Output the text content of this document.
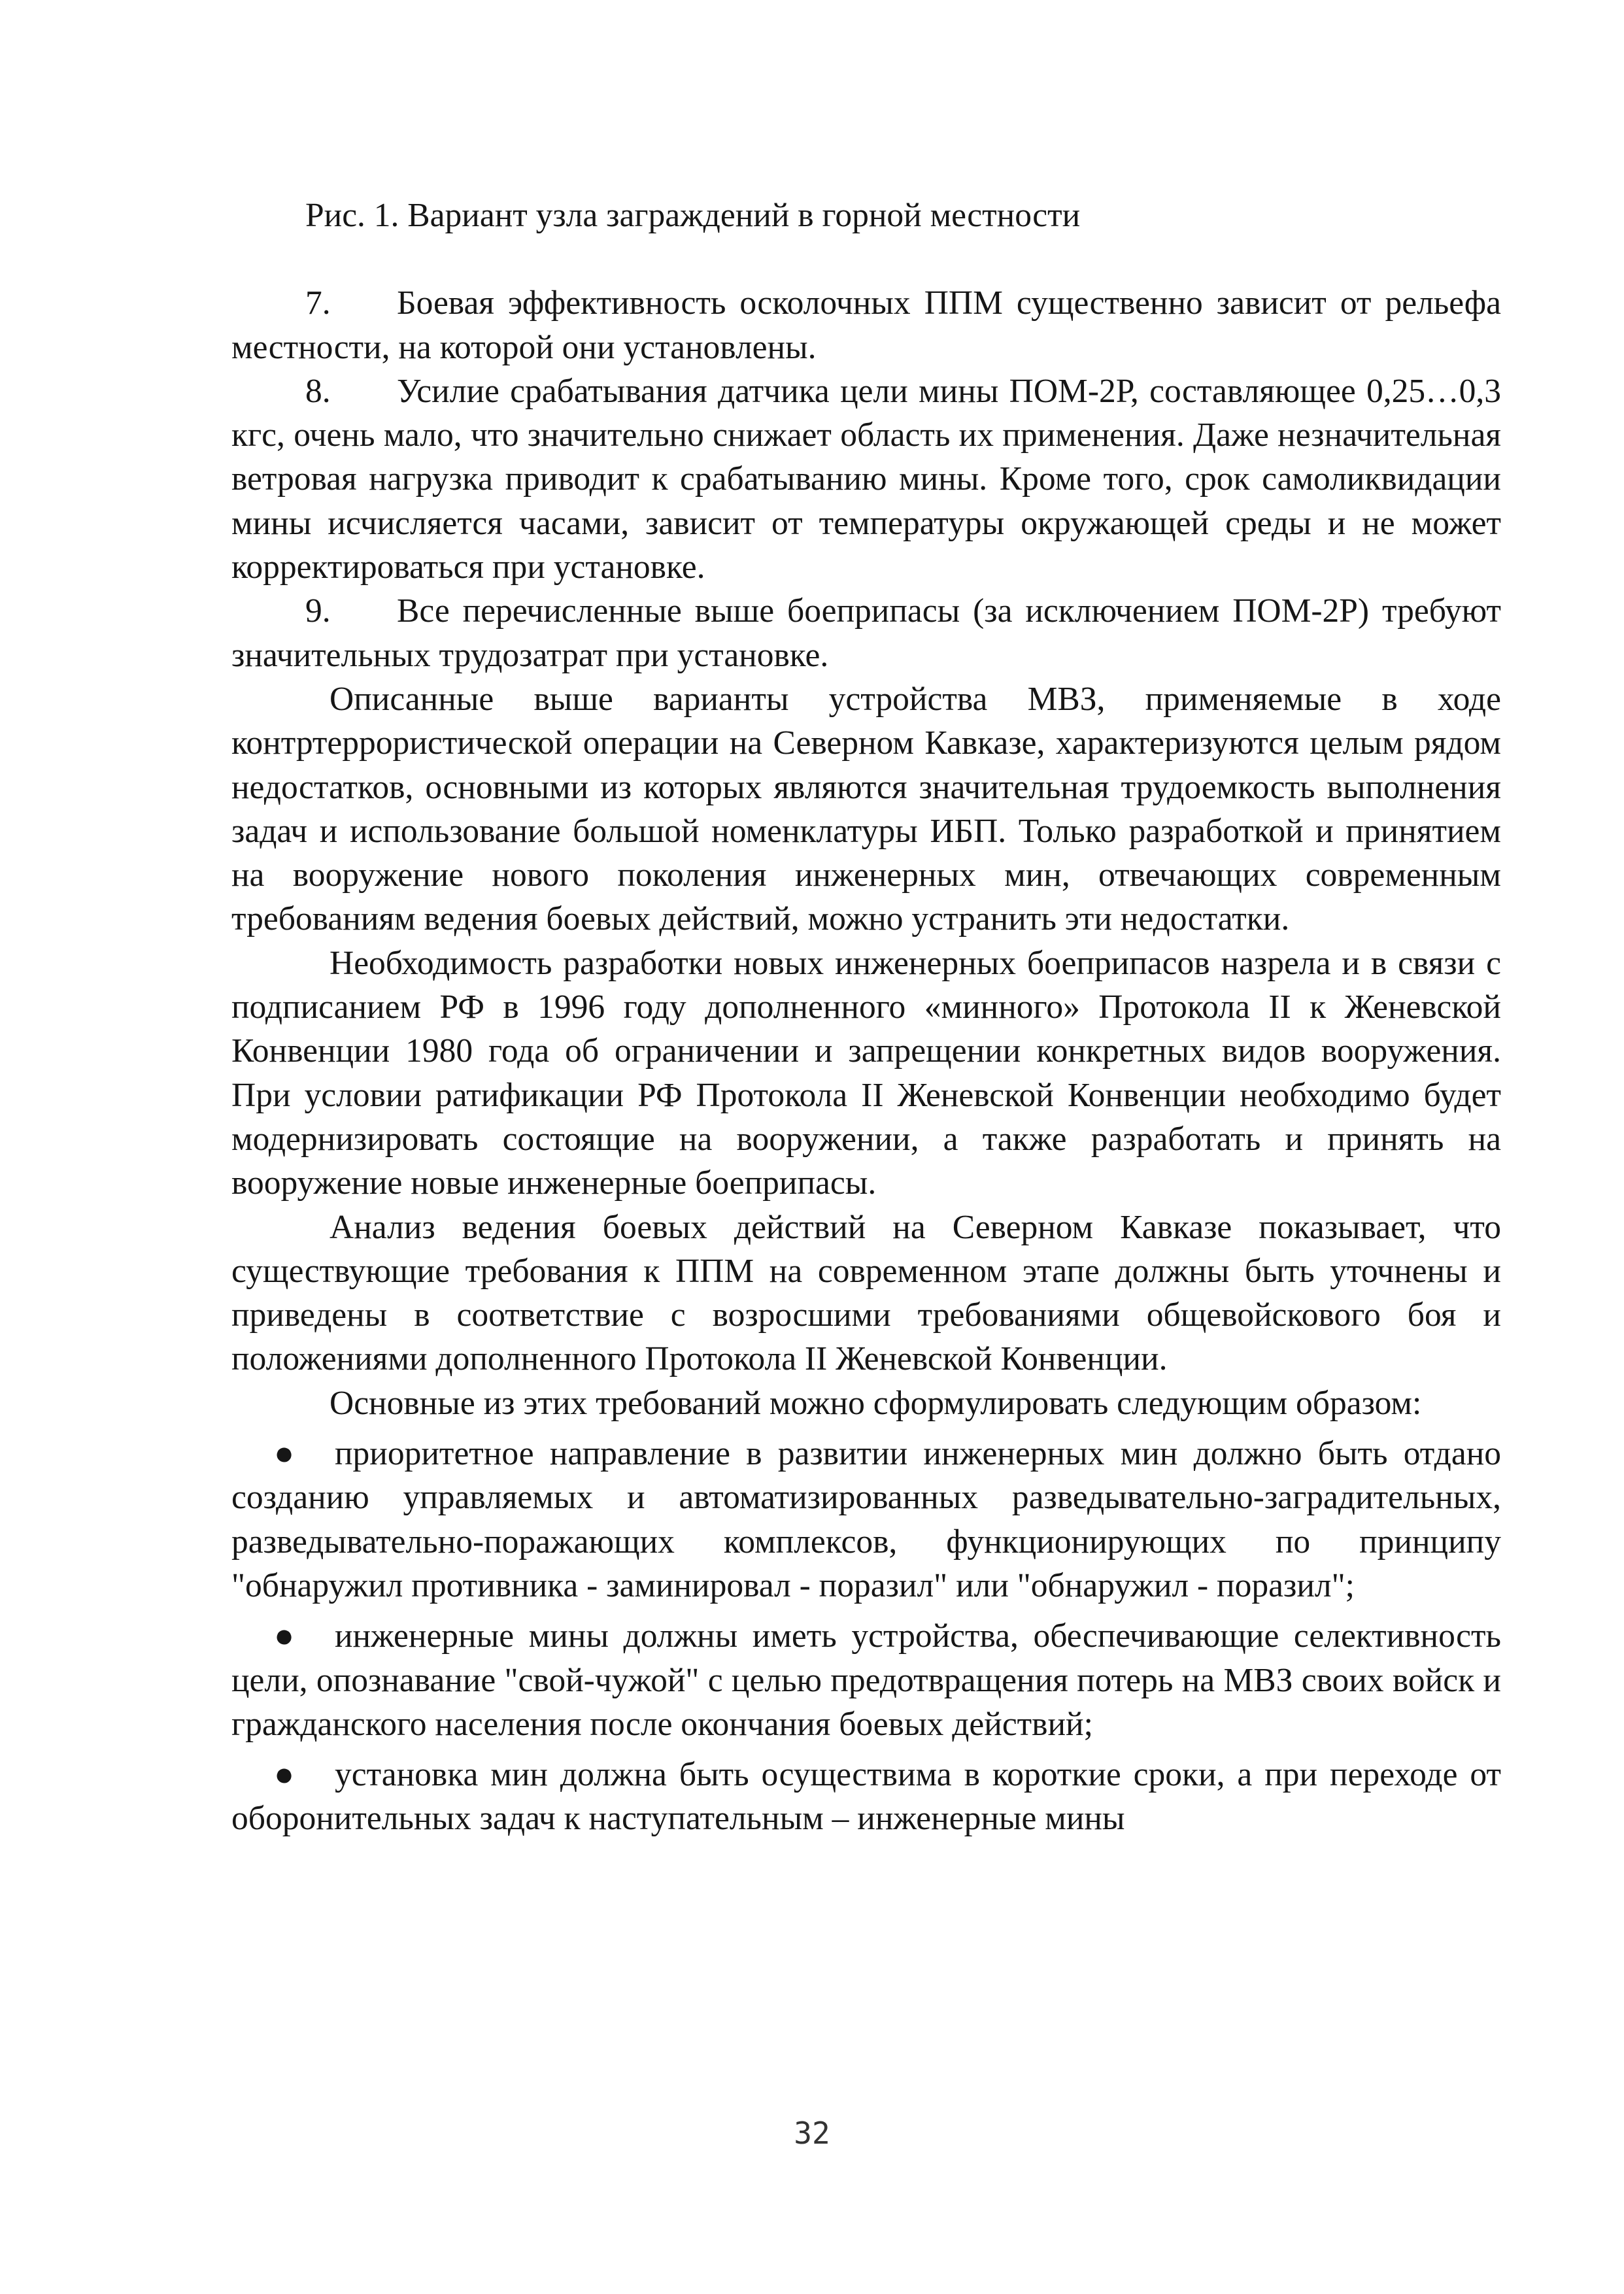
Рис. 1. Вариант узла заграждений в горной местности

7. Боевая эффективность осколочных ППМ существенно зависит от рельефа местности, на которой они установлены.

8. Усилие срабатывания датчика цели мины ПОМ-2Р, составляющее 0,25…0,3 кгс, очень мало, что значительно снижает область их применения. Даже незначительная ветровая нагрузка приводит к срабатыванию мины. Кроме того, срок самоликвидации мины исчисляется часами, зависит от температуры окружающей среды и не может корректироваться при установке.

9. Все перечисленные выше боеприпасы (за исключением ПОМ-2Р) требуют значительных трудозатрат при установке.

Описанные выше варианты устройства МВЗ, применяемые в ходе контртеррористической операции на Северном Кавказе, характеризуются целым рядом недостатков, основными из которых являются значительная трудоемкость выполнения задач и использование большой номенклатуры ИБП. Только разработкой и принятием на вооружение нового поколения инженерных мин, отвечающих современным требованиям ведения боевых действий, можно устранить эти недостатки.

Необходимость разработки новых инженерных боеприпасов назрела и в связи с подписанием РФ в 1996 году дополненного «минного» Протокола II к Женевской Конвенции 1980 года об ограничении и запрещении конкретных видов вооружения. При условии ратификации РФ Протокола II Женевской Конвенции необходимо будет модернизировать состоящие на вооружении, а также разработать и принять на вооружение новые инженерные боеприпасы.

Анализ ведения боевых действий на Северном Кавказе показывает, что существующие требования к ППМ на современном этапе должны быть уточнены и приведены в соответствие с возросшими требованиями общевойскового боя и положениями дополненного Протокола II Женевской Конвенции.

Основные из этих требований можно сформулировать следующим образом:

● приоритетное направление в развитии инженерных мин должно быть отдано созданию управляемых и автоматизированных разведывательно-заградительных, разведывательно-поражающих комплексов, функционирующих по принципу "обнаружил противника - заминировал - поразил" или "обнаружил - поразил";

● инженерные мины должны иметь устройства, обеспечивающие селективность цели, опознавание "свой-чужой" с целью предотвращения потерь на МВЗ своих войск и гражданского населения после окончания боевых действий;

● установка мин должна быть осуществима в короткие сроки, а при переходе от оборонительных задач к наступательным – инженерные мины

32
